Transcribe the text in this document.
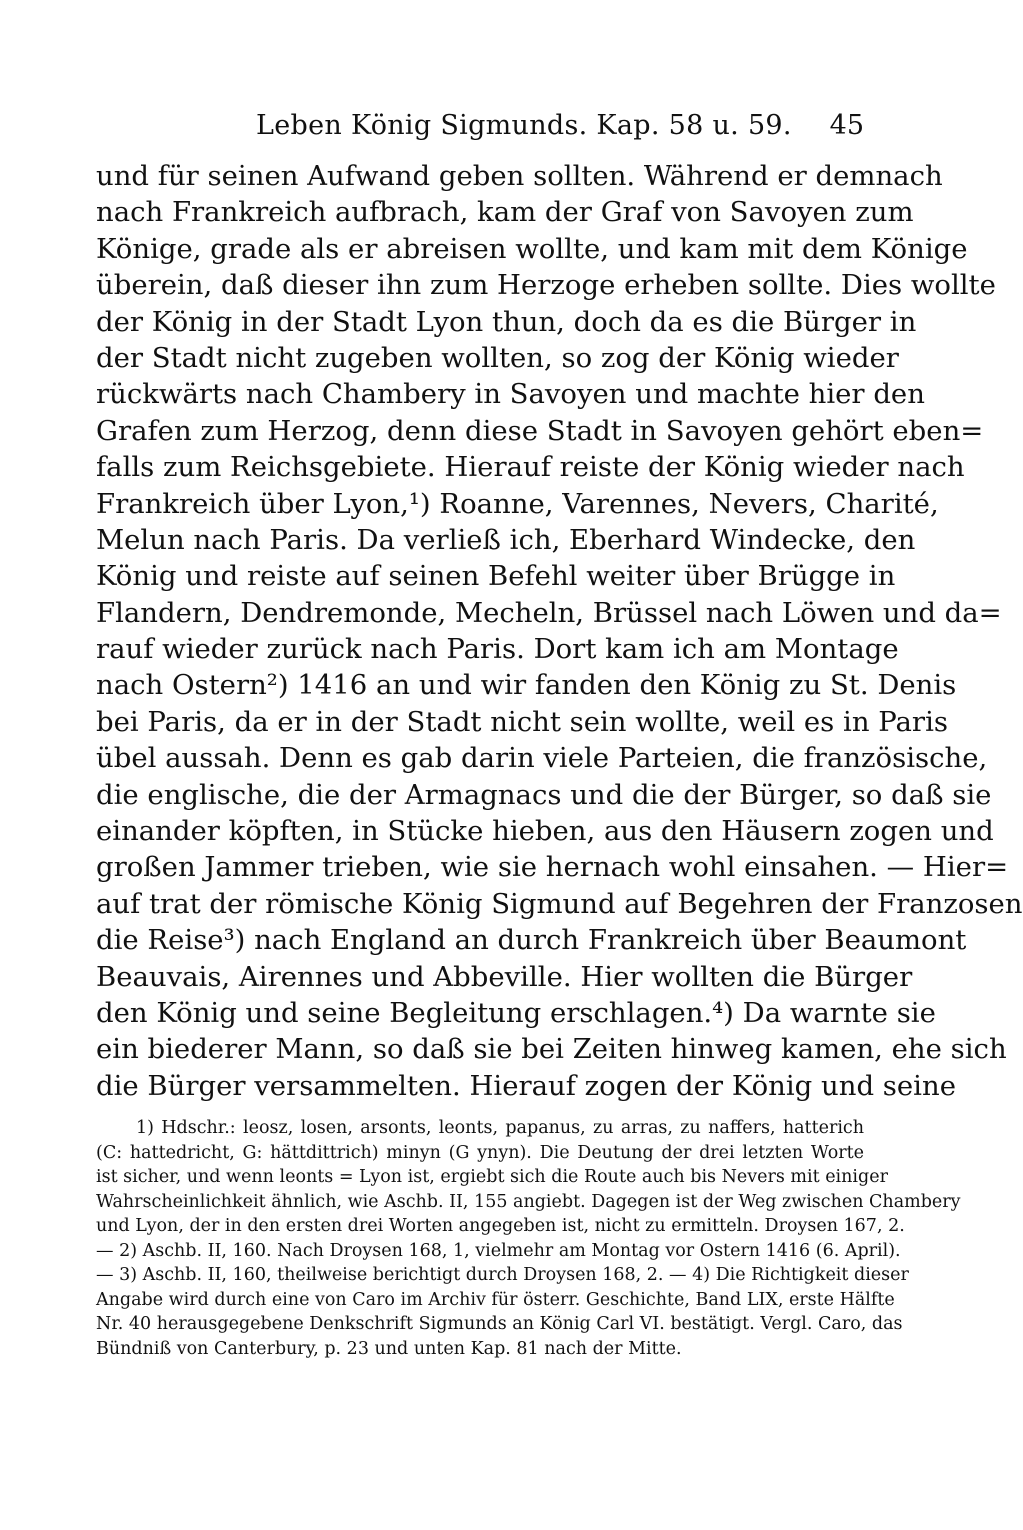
Leben König Sigmunds. Kap. 58 u. 59. 45
und für seinen Aufwand geben sollten. Während er demnach
nach Frankreich aufbrach, kam der Graf von Savoyen zum
Könige, grade als er abreisen wollte, und kam mit dem Könige
überein, daß dieser ihn zum Herzoge erheben sollte. Dies wollte
der König in der Stadt Lyon thun, doch da es die Bürger in
der Stadt nicht zugeben wollten, so zog der König wieder
rückwärts nach Chambery in Savoyen und machte hier den
Grafen zum Herzog, denn diese Stadt in Savoyen gehört eben=
falls zum Reichsgebiete. Hierauf reiste der König wieder nach
Frankreich über Lyon,¹) Roanne, Varennes, Nevers, Charité,
Melun nach Paris. Da verließ ich, Eberhard Windecke, den
König und reiste auf seinen Befehl weiter über Brügge in
Flandern, Dendremonde, Mecheln, Brüssel nach Löwen und da=
rauf wieder zurück nach Paris. Dort kam ich am Montage
nach Ostern²) 1416 an und wir fanden den König zu St. Denis
bei Paris, da er in der Stadt nicht sein wollte, weil es in Paris
übel aussah. Denn es gab darin viele Parteien, die französische,
die englische, die der Armagnacs und die der Bürger, so daß sie
einander köpften, in Stücke hieben, aus den Häusern zogen und
großen Jammer trieben, wie sie hernach wohl einsahen. — Hier=
auf trat der römische König Sigmund auf Begehren der Franzosen
die Reise³) nach England an durch Frankreich über Beaumont
Beauvais, Airennes und Abbeville. Hier wollten die Bürger
den König und seine Begleitung erschlagen.⁴) Da warnte sie
ein biederer Mann, so daß sie bei Zeiten hinweg kamen, ehe sich
die Bürger versammelten. Hierauf zogen der König und seine
1) Hdschr.: leosz, losen, arsonts, leonts, papanus, zu arras, zu naffers, hatterich
(C: hattedricht, G: hättdittrich) minyn (G ynyn). Die Deutung der drei letzten Worte
ist sicher, und wenn leonts = Lyon ist, ergiebt sich die Route auch bis Nevers mit einiger
Wahrscheinlichkeit ähnlich, wie Aschb. II, 155 angiebt. Dagegen ist der Weg zwischen Chambery
und Lyon, der in den ersten drei Worten angegeben ist, nicht zu ermitteln. Droysen 167, 2.
— 2) Aschb. II, 160. Nach Droysen 168, 1, vielmehr am Montag vor Ostern 1416 (6. April).
— 3) Aschb. II, 160, theilweise berichtigt durch Droysen 168, 2. — 4) Die Richtigkeit dieser
Angabe wird durch eine von Caro im Archiv für österr. Geschichte, Band LIX, erste Hälfte
Nr. 40 herausgegebene Denkschrift Sigmunds an König Carl VI. bestätigt. Vergl. Caro, das
Bündniß von Canterbury, p. 23 und unten Kap. 81 nach der Mitte.
